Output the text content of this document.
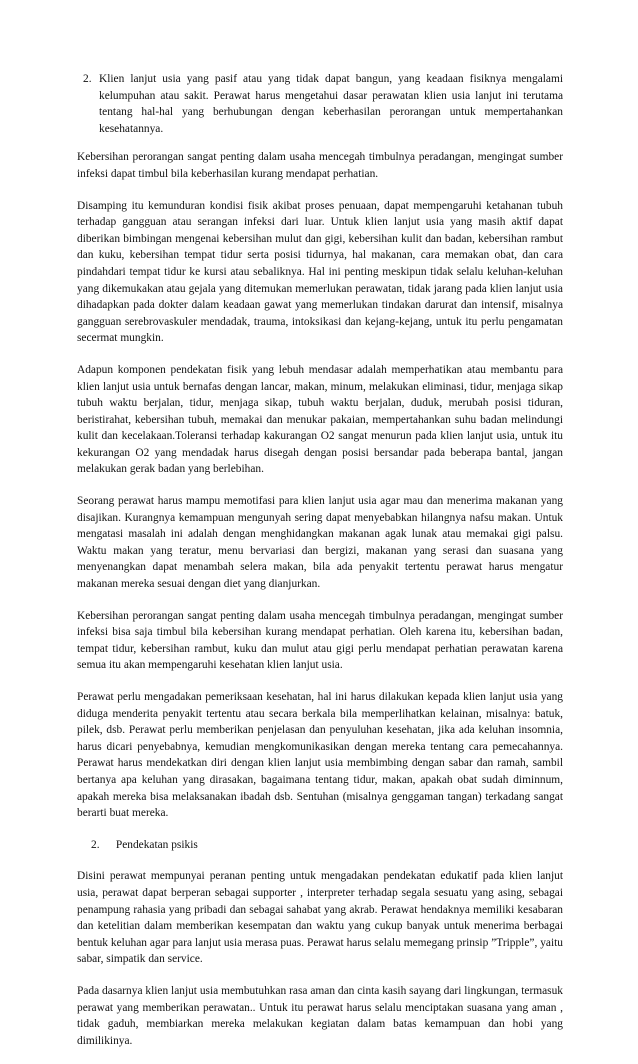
2. Klien lanjut usia yang pasif atau yang tidak dapat bangun, yang keadaan fisiknya mengalami kelumpuhan atau sakit. Perawat harus mengetahui dasar perawatan klien usia lanjut ini terutama tentang hal-hal yang berhubungan dengan keberhasilan perorangan untuk mempertahankan kesehatannya.

Kebersihan perorangan sangat penting dalam usaha mencegah timbulnya peradangan, mengingat sumber infeksi dapat timbul bila keberhasilan kurang mendapat perhatian.

Disamping itu kemunduran kondisi fisik akibat proses penuaan, dapat mempengaruhi ketahanan tubuh terhadap gangguan atau serangan infeksi dari luar. Untuk klien lanjut usia yang masih aktif dapat diberikan bimbingan mengenai kebersihan mulut dan gigi, kebersihan kulit dan badan, kebersihan rambut dan kuku, kebersihan tempat tidur serta posisi tidurnya, hal makanan, cara memakan obat, dan cara pindahdari tempat tidur ke kursi atau sebaliknya. Hal ini penting meskipun tidak selalu keluhan-keluhan yang dikemukakan atau gejala yang ditemukan memerlukan perawatan, tidak jarang pada klien lanjut usia dihadapkan pada dokter dalam keadaan gawat yang memerlukan tindakan darurat dan intensif, misalnya gangguan serebrovaskuler mendadak, trauma, intoksikasi dan kejang-kejang, untuk itu perlu pengamatan secermat mungkin.

Adapun komponen pendekatan fisik yang lebuh mendasar adalah memperhatikan atau membantu para klien lanjut usia untuk bernafas dengan lancar, makan, minum, melakukan eliminasi, tidur, menjaga sikap tubuh waktu berjalan, tidur, menjaga sikap, tubuh waktu berjalan, duduk, merubah posisi tiduran, beristirahat, kebersihan tubuh, memakai dan menukar pakaian, mempertahankan suhu badan melindungi kulit dan kecelakaan.Toleransi terhadap kakurangan O2 sangat menurun pada klien lanjut usia, untuk itu kekurangan O2 yang mendadak harus disegah dengan posisi bersandar pada beberapa bantal, jangan melakukan gerak badan yang berlebihan.

Seorang perawat harus mampu memotifasi para klien lanjut usia agar mau dan menerima makanan yang disajikan. Kurangnya kemampuan mengunyah sering dapat menyebabkan hilangnya nafsu makan. Untuk mengatasi masalah ini adalah dengan menghidangkan makanan agak lunak atau memakai gigi palsu. Waktu makan yang teratur, menu bervariasi dan bergizi, makanan yang serasi dan suasana yang menyenangkan dapat menambah selera makan, bila ada penyakit tertentu perawat harus mengatur makanan mereka sesuai dengan diet yang dianjurkan.

Kebersihan perorangan sangat penting dalam usaha mencegah timbulnya peradangan, mengingat sumber infeksi bisa saja timbul bila kebersihan kurang mendapat perhatian. Oleh karena itu, kebersihan badan, tempat tidur, kebersihan rambut, kuku dan mulut atau gigi perlu mendapat perhatian perawatan karena semua itu akan mempengaruhi kesehatan klien lanjut usia.

Perawat perlu mengadakan pemeriksaan kesehatan, hal ini harus dilakukan kepada klien lanjut usia yang diduga menderita penyakit tertentu atau secara berkala bila memperlihatkan kelainan, misalnya: batuk, pilek, dsb. Perawat perlu memberikan penjelasan dan penyuluhan kesehatan, jika ada keluhan insomnia, harus dicari penyebabnya, kemudian mengkomunikasikan dengan mereka tentang cara pemecahannya. Perawat harus mendekatkan diri dengan klien lanjut usia membimbing dengan sabar dan ramah, sambil bertanya apa keluhan yang dirasakan, bagaimana tentang tidur, makan, apakah obat sudah diminnum, apakah mereka bisa melaksanakan ibadah dsb. Sentuhan (misalnya genggaman tangan) terkadang sangat berarti buat mereka.

2. Pendekatan psikis

Disini perawat mempunyai peranan penting untuk mengadakan pendekatan edukatif pada klien lanjut usia, perawat dapat berperan sebagai supporter , interpreter terhadap segala sesuatu yang asing, sebagai penampung rahasia yang pribadi dan sebagai sahabat yang akrab. Perawat hendaknya memiliki kesabaran dan ketelitian dalam memberikan kesempatan dan waktu yang cukup banyak untuk menerima berbagai bentuk keluhan agar para lanjut usia merasa puas. Perawat harus selalu memegang prinsip ”Tripple”, yaitu sabar, simpatik dan service.

Pada dasarnya klien lanjut usia membutuhkan rasa aman dan cinta kasih sayang dari lingkungan, termasuk perawat yang memberikan perawatan.. Untuk itu perawat harus selalu menciptakan suasana yang aman , tidak gaduh, membiarkan mereka melakukan kegiatan dalam batas kemampuan dan hobi yang dimilikinya.
